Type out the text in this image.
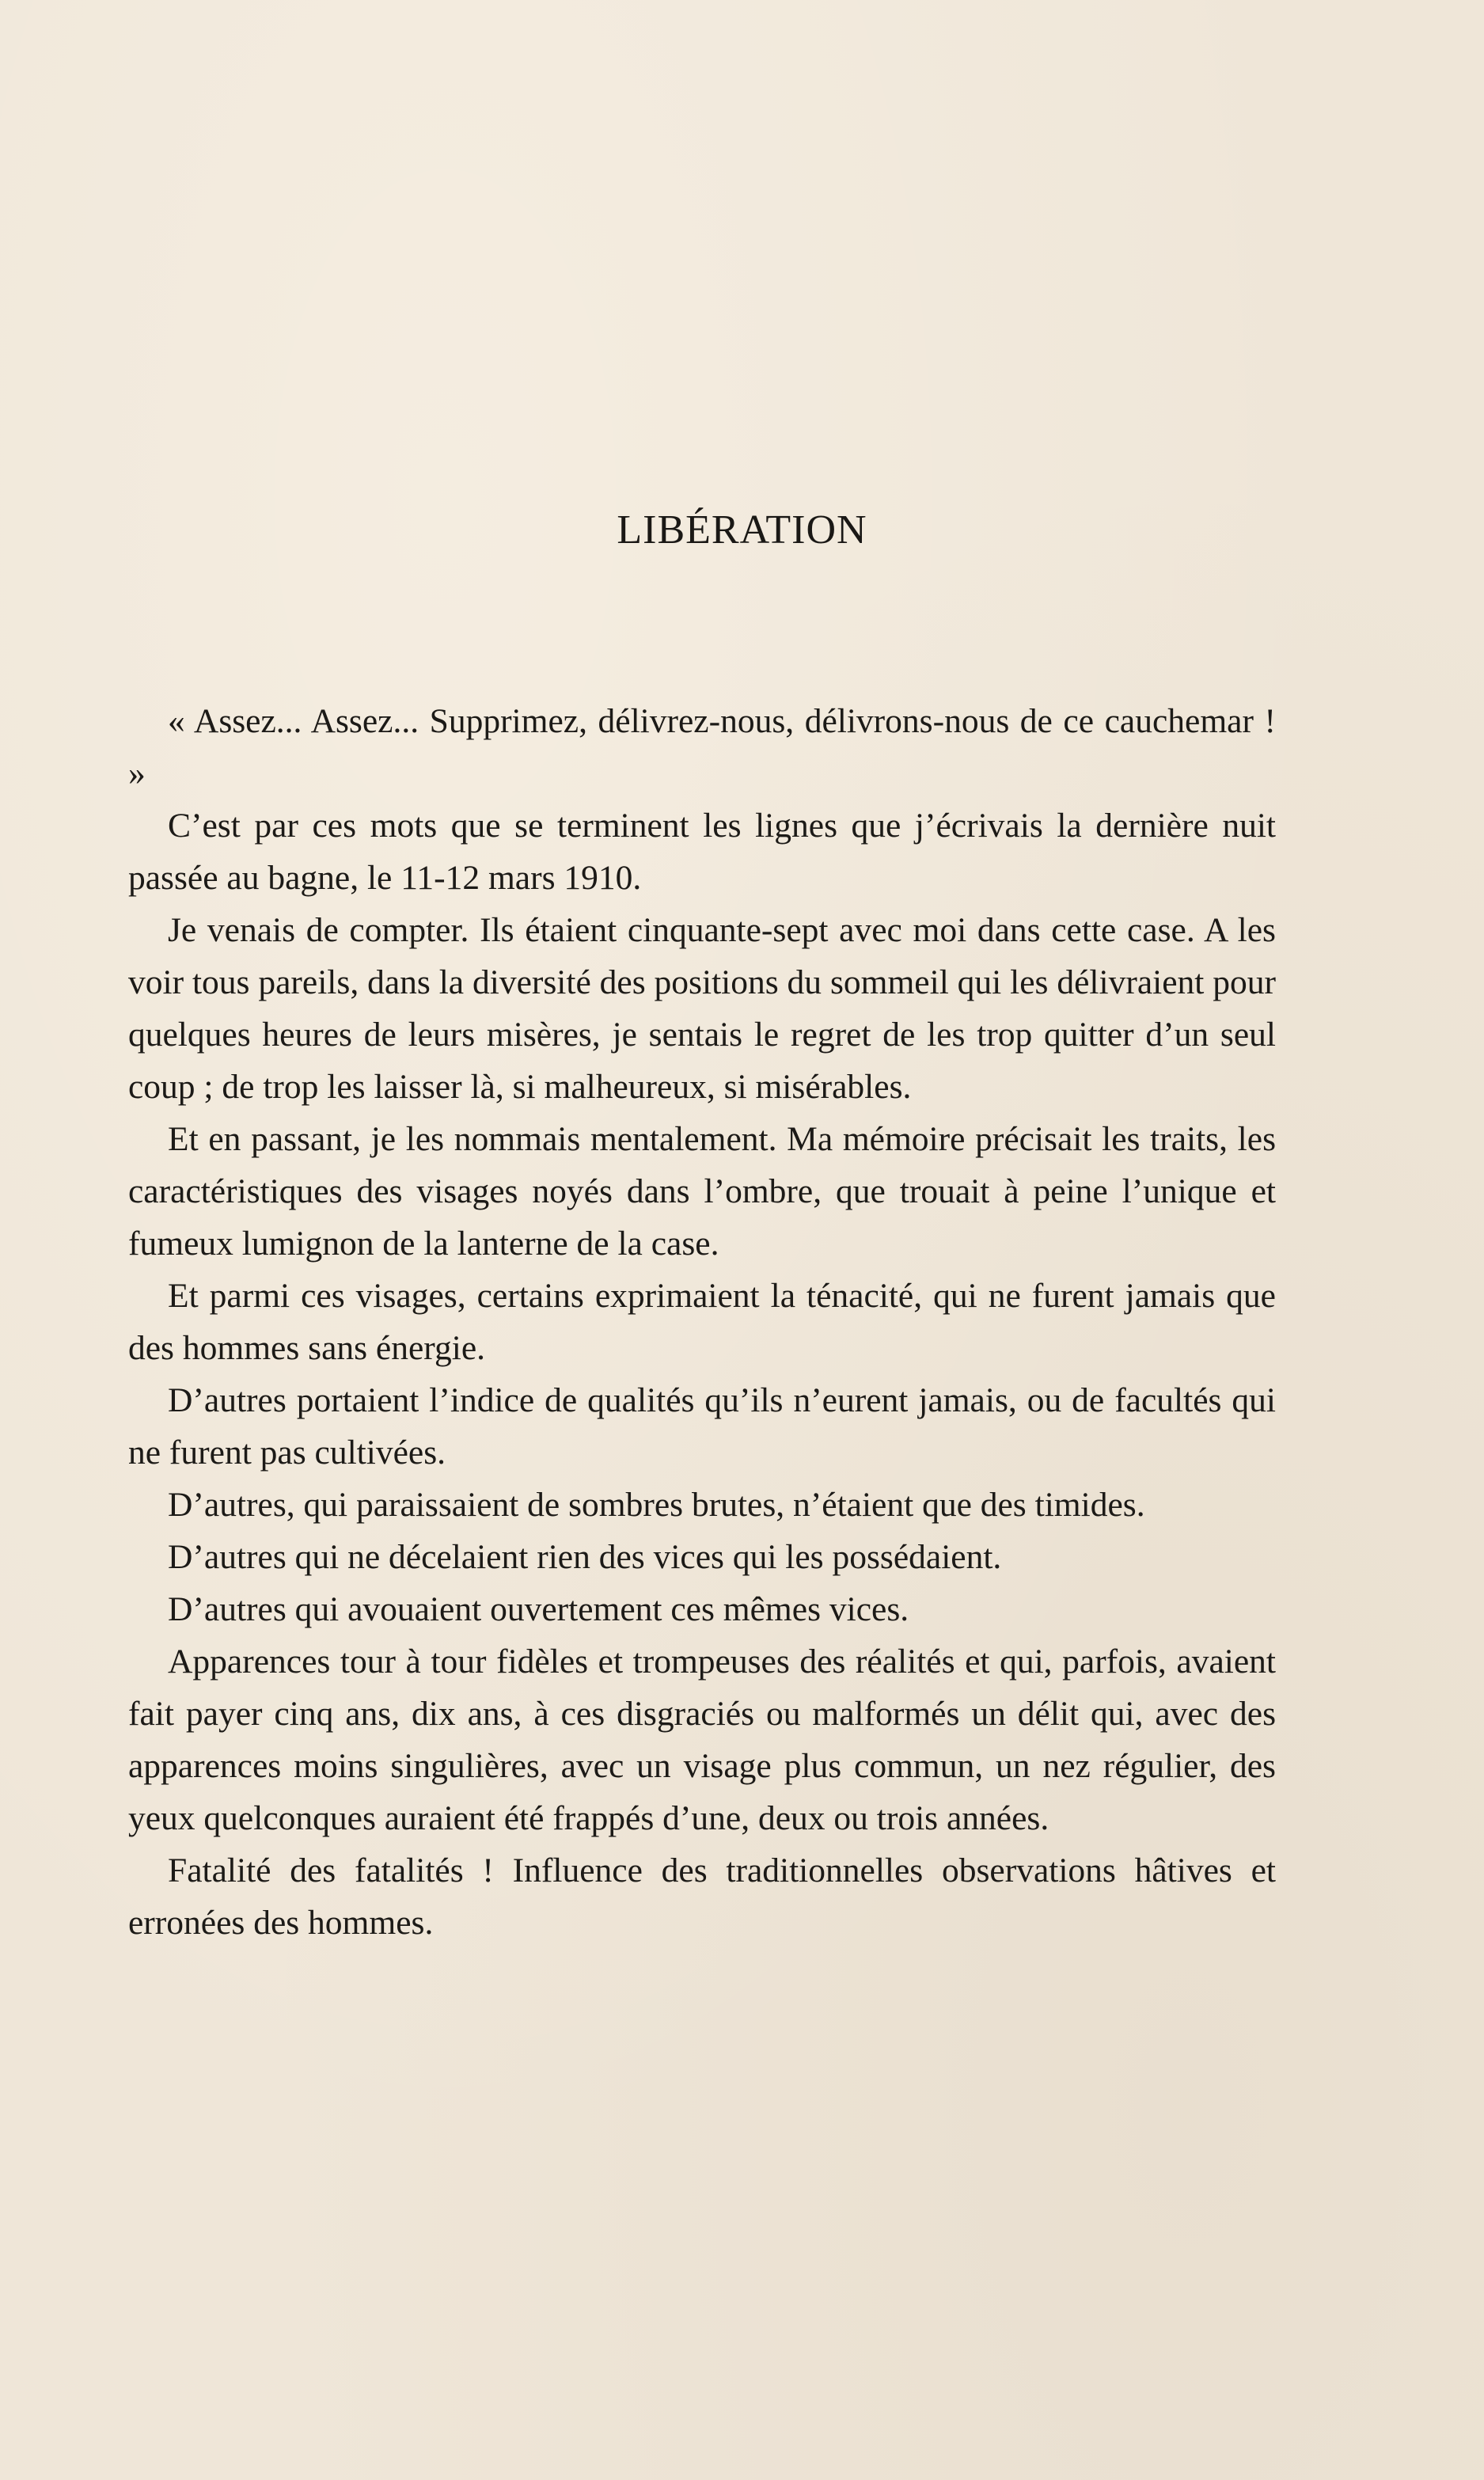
LIBÉRATION

« Assez... Assez... Supprimez, délivrez-nous, délivrons-nous de ce cauchemar ! »

C’est par ces mots que se terminent les lignes que j’écrivais la dernière nuit passée au bagne, le 11-12 mars 1910.

Je venais de compter. Ils étaient cinquante-sept avec moi dans cette case. A les voir tous pareils, dans la diversité des positions du sommeil qui les délivraient pour quelques heures de leurs misères, je sentais le regret de les trop quitter d’un seul coup ; de trop les laisser là, si malheureux, si misérables.

Et en passant, je les nommais mentalement. Ma mémoire précisait les traits, les caractéristiques des visages noyés dans l’ombre, que trouait à peine l’unique et fumeux lumignon de la lanterne de la case.

Et parmi ces visages, certains exprimaient la ténacité, qui ne furent jamais que des hommes sans énergie.

D’autres portaient l’indice de qualités qu’ils n’eurent jamais, ou de facultés qui ne furent pas cultivées.

D’autres, qui paraissaient de sombres brutes, n’étaient que des timides.

D’autres qui ne décelaient rien des vices qui les possédaient.

D’autres qui avouaient ouvertement ces mêmes vices.

Apparences tour à tour fidèles et trompeuses des réalités et qui, parfois, avaient fait payer cinq ans, dix ans, à ces disgraciés ou malformés un délit qui, avec des apparences moins singulières, avec un visage plus commun, un nez régulier, des yeux quelconques auraient été frappés d’une, deux ou trois années.

Fatalité des fatalités ! Influence des traditionnelles observations hâtives et erronées des hommes.
